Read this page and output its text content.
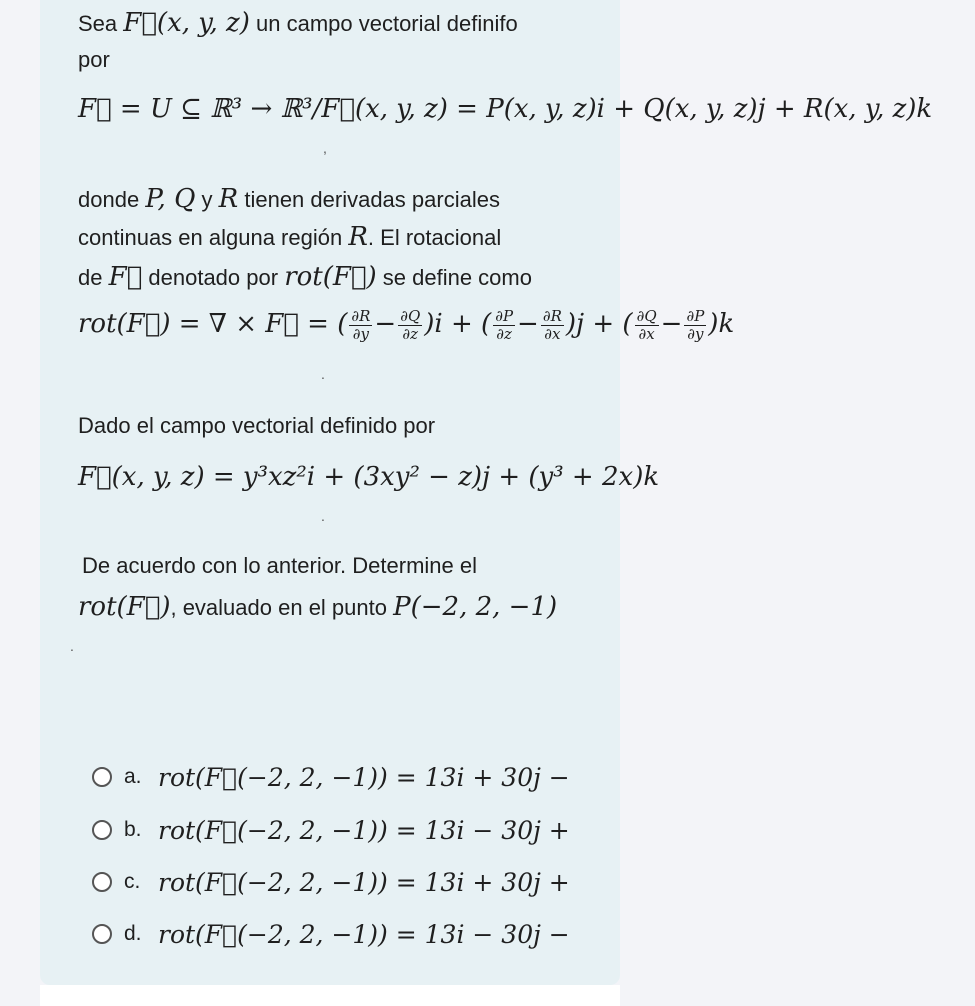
Sea F⃗(x, y, z) un campo vectorial definifo
por
F⃗ = U ⊆ ℝ³ → ℝ³/F⃗(x, y, z) = P(x, y, z)i + Q(x, y, z)j + R(x, y, z)k
,
donde P, Q y R tienen derivadas parciales
continuas en alguna región R. El rotacional
de F⃗ denotado por rot(F⃗) se define como
rot(F⃗) = ∇ × F⃗ = ( $\frac{\partial R}{\partial y} - \frac{\partial Q}{\partial z} )i$ + ( $\frac{\partial P}{\partial z} - \frac{\partial R}{\partial x} )j$ + ( $\frac{\partial Q}{\partial x} - \frac{\partial P}{\partial y} )k$
.
Dado el campo vectorial definido por
F⃗(x, y, z) = y³xz²i + (3xy² − z)j + (y³ + 2x)k
.
De acuerdo con lo anterior. Determine el
rot(F⃗), evaluado en el punto P(−2, 2, −1)
.
a. rot(F⃗(−2, 2, −1)) = 13i + 30j −
b. rot(F⃗(−2, 2, −1)) = 13i − 30j +
c. rot(F⃗(−2, 2, −1)) = 13i + 30j +
d. rot(F⃗(−2, 2, −1)) = 13i − 30j −
